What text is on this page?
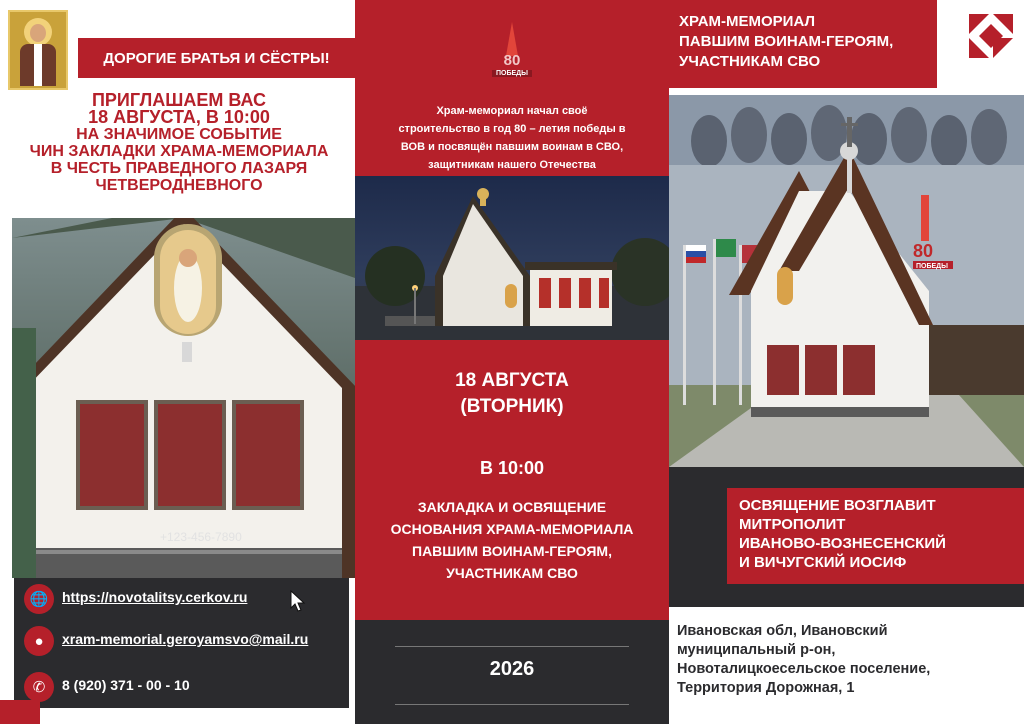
ДОРОГИЕ БРАТЬЯ И СЁСТРЫ!
ПРИГЛАШАЕМ ВАС
18 АВГУСТА, В 10:00
НА ЗНАЧИМОЕ СОБЫТИЕ
ЧИН ЗАКЛАДКИ ХРАМА-МЕМОРИАЛА
В ЧЕСТЬ ПРАВЕДНОГО ЛАЗАРЯ
ЧЕТВЕРОДНЕВНОГО
+123-456-7890
🌐 https://novotalitsy.cerkov.ru
●	xram-memorial.geroyamsvo@mail.ru
✆	8 (920) 371 - 00 - 10
80
ПОБЕДЫ
Храм-мемориал начал своё
строительство в год 80 – летия победы в
ВОВ и посвящён павшим воинам в СВО,
защитникам нашего Отечества
18 АВГУСТА
(ВТОРНИК)
В 10:00
ЗАКЛАДКА И ОСВЯЩЕНИЕ
ОСНОВАНИЯ ХРАМА-МЕМОРИАЛА
ПАВШИМ ВОИНАМ-ГЕРОЯМ,
УЧАСТНИКАМ СВО
2026
ХРАМ-МЕМОРИАЛ
ПАВШИМ ВОИНАМ-ГЕРОЯМ,
УЧАСТНИКАМ СВО
80
ПОБЕДЫ
ОСВЯЩЕНИЕ ВОЗГЛАВИТ
МИТРОПОЛИТ
ИВАНОВО-ВОЗНЕСЕНСКИЙ
И ВИЧУГСКИЙ ИОСИФ
Ивановская обл, Ивановский
муниципальный р-он,
Новоталицкоесельское поселение,
Территория Дорожная, 1
